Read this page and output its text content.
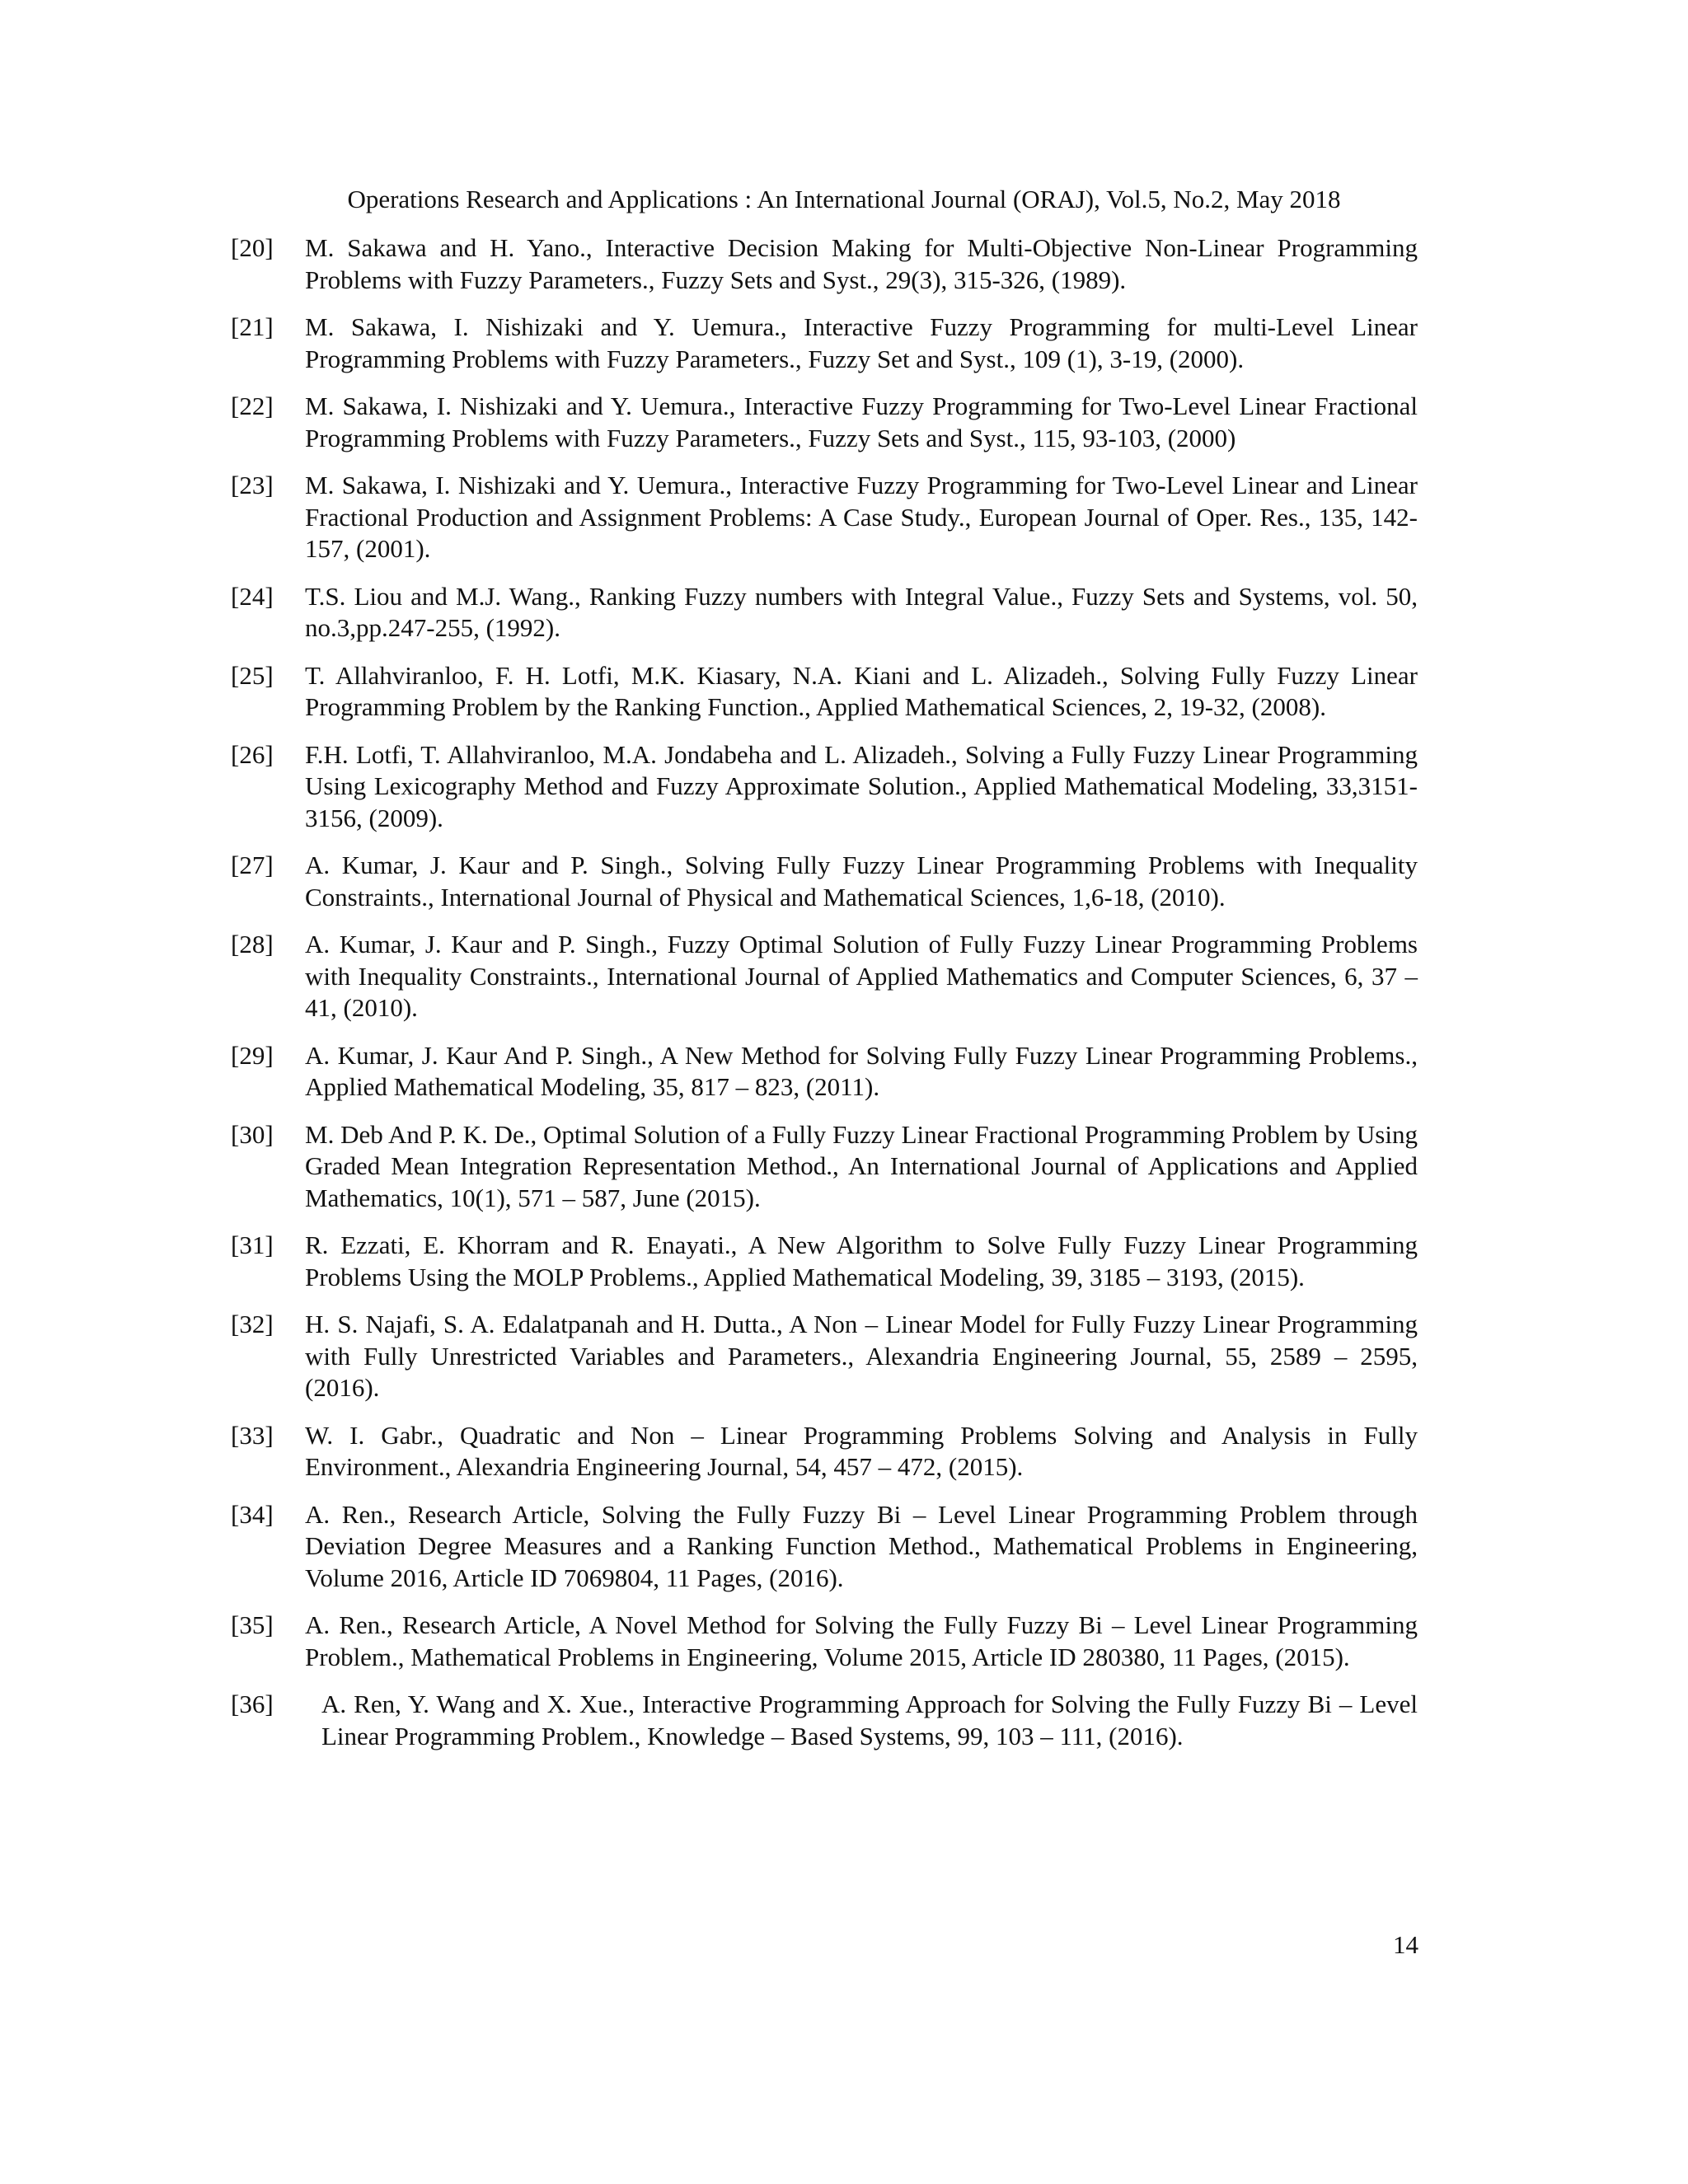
Operations Research and Applications : An International Journal (ORAJ), Vol.5, No.2, May 2018
[20] M. Sakawa and H. Yano., Interactive Decision Making for Multi-Objective Non-Linear Programming Problems with Fuzzy Parameters., Fuzzy Sets and Syst., 29(3), 315-326, (1989).
[21] M. Sakawa, I. Nishizaki and Y. Uemura., Interactive Fuzzy Programming for multi-Level Linear Programming Problems with Fuzzy Parameters., Fuzzy Set and Syst., 109 (1), 3-19, (2000).
[22] M. Sakawa, I. Nishizaki and Y. Uemura., Interactive Fuzzy Programming for Two-Level Linear Fractional Programming Problems with Fuzzy Parameters., Fuzzy Sets and Syst., 115, 93-103, (2000)
[23] M. Sakawa, I. Nishizaki and Y. Uemura., Interactive Fuzzy Programming for Two-Level Linear and Linear Fractional Production and Assignment Problems: A Case Study., European Journal of Oper. Res., 135, 142- 157, (2001).
[24] T.S. Liou and M.J. Wang., Ranking Fuzzy numbers with Integral Value., Fuzzy Sets and Systems, vol. 50, no.3,pp.247-255, (1992).
[25] T. Allahviranloo, F. H. Lotfi, M.K. Kiasary, N.A. Kiani and L. Alizadeh., Solving Fully Fuzzy Linear Programming Problem by the Ranking Function., Applied Mathematical Sciences, 2, 19-32, (2008).
[26] F.H. Lotfi, T. Allahviranloo, M.A. Jondabeha and L. Alizadeh., Solving a Fully Fuzzy Linear Programming Using Lexicography Method and Fuzzy Approximate Solution., Applied Mathematical Modeling, 33,3151-3156, (2009).
[27] A. Kumar, J. Kaur and P. Singh., Solving Fully Fuzzy Linear Programming Problems with Inequality Constraints., International Journal of Physical and Mathematical Sciences, 1,6-18, (2010).
[28] A. Kumar, J. Kaur and P. Singh., Fuzzy Optimal Solution of Fully Fuzzy Linear Programming Problems with Inequality Constraints., International Journal of Applied Mathematics and Computer Sciences, 6, 37 – 41, (2010).
[29] A. Kumar, J. Kaur And P. Singh., A New Method for Solving Fully Fuzzy Linear Programming Problems., Applied Mathematical Modeling, 35, 817 – 823, (2011).
[30] M. Deb And P. K. De., Optimal Solution of a Fully Fuzzy Linear Fractional Programming Problem by Using Graded Mean Integration Representation Method., An International Journal of Applications and Applied Mathematics, 10(1), 571 – 587, June (2015).
[31] R. Ezzati, E. Khorram and R. Enayati., A New Algorithm to Solve Fully Fuzzy Linear Programming Problems Using the MOLP Problems., Applied Mathematical Modeling, 39, 3185 – 3193, (2015).
[32] H. S. Najafi, S. A. Edalatpanah and H. Dutta., A Non – Linear Model for Fully Fuzzy Linear Programming with Fully Unrestricted Variables and Parameters., Alexandria Engineering Journal, 55, 2589 – 2595, (2016).
[33] W. I. Gabr., Quadratic and Non – Linear Programming Problems Solving and Analysis in Fully Environment., Alexandria Engineering Journal, 54, 457 – 472, (2015).
[34] A. Ren., Research Article, Solving the Fully Fuzzy Bi – Level Linear Programming Problem through Deviation Degree Measures and a Ranking Function Method., Mathematical Problems in Engineering, Volume 2016, Article ID 7069804, 11 Pages, (2016).
[35] A. Ren., Research Article, A Novel Method for Solving the Fully Fuzzy Bi – Level Linear Programming Problem., Mathematical Problems in Engineering, Volume 2015, Article ID 280380, 11 Pages, (2015).
[36] A. Ren, Y. Wang and X. Xue., Interactive Programming Approach for Solving the Fully Fuzzy Bi – Level Linear Programming Problem., Knowledge – Based Systems, 99, 103 – 111, (2016).
14
